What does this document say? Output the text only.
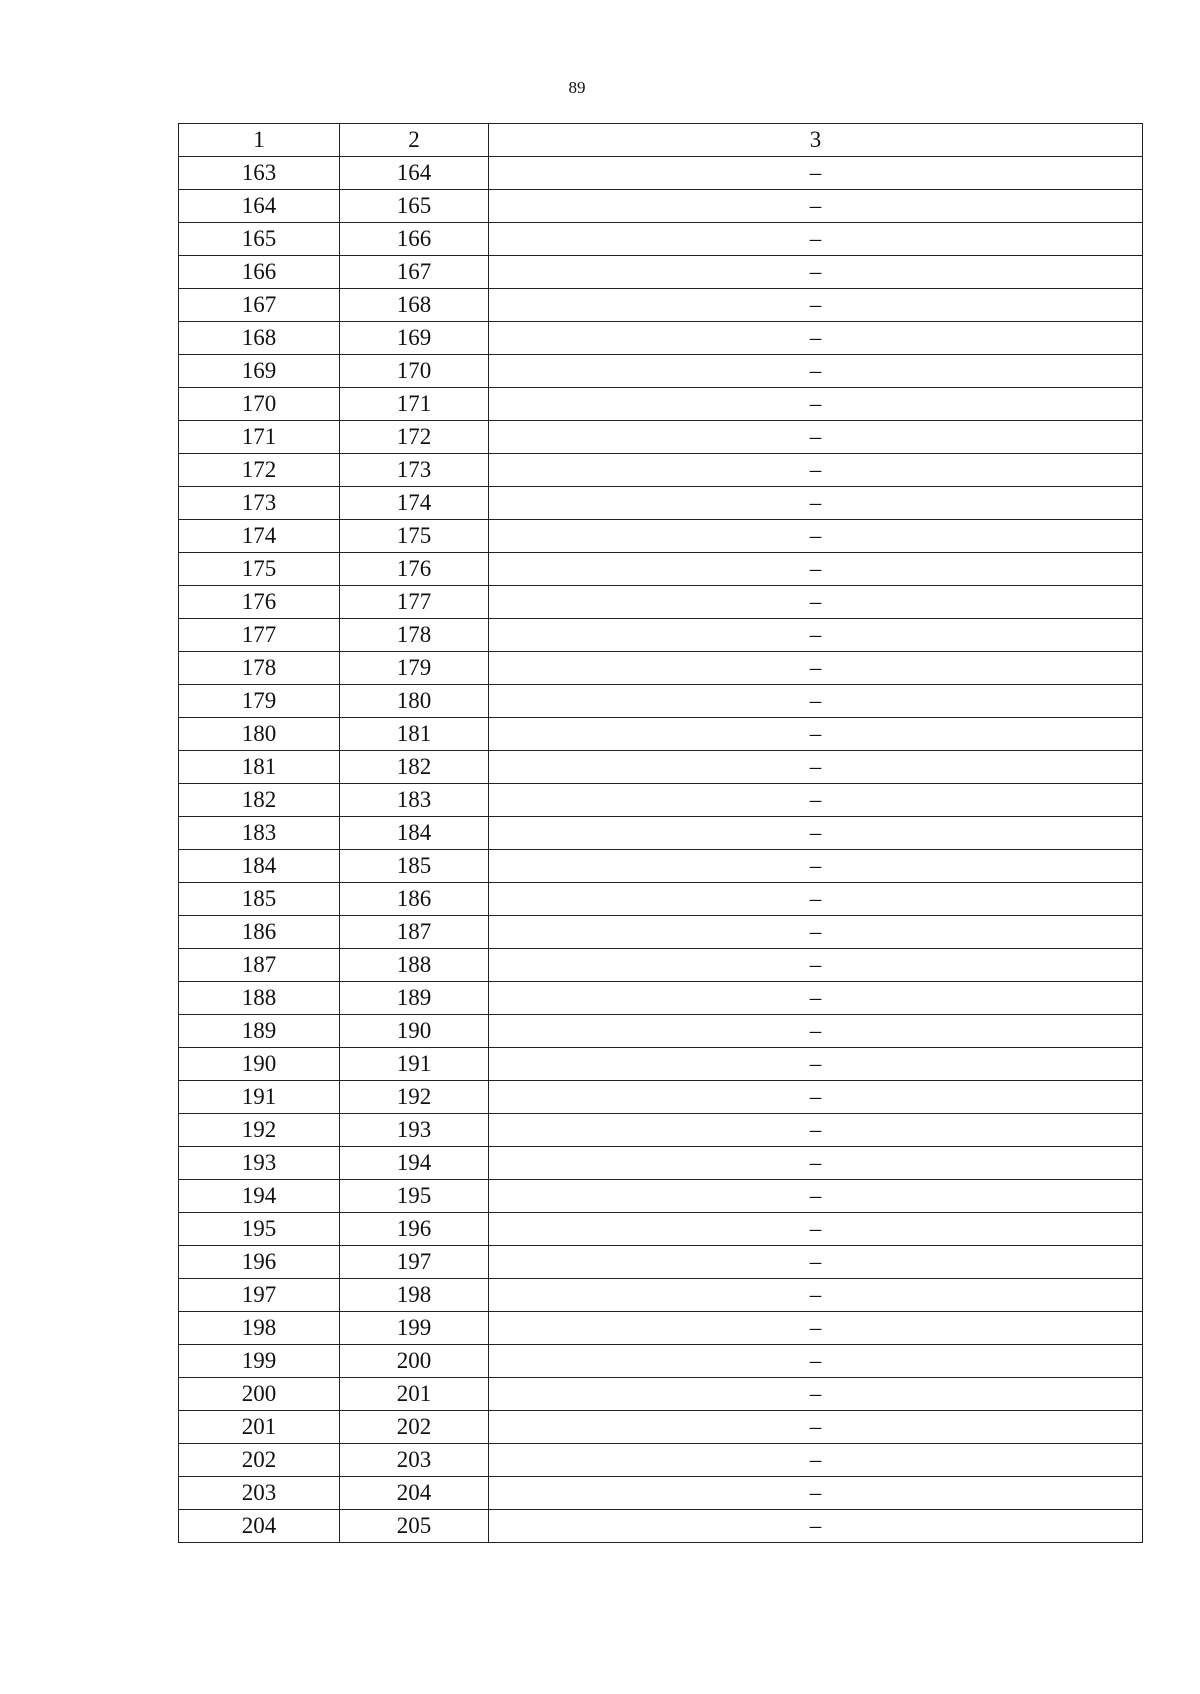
89
1	2	3
163	164	–
164	165	–
165	166	–
166	167	–
167	168	–
168	169	–
169	170	–
170	171	–
171	172	–
172	173	–
173	174	–
174	175	–
175	176	–
176	177	–
177	178	–
178	179	–
179	180	–
180	181	–
181	182	–
182	183	–
183	184	–
184	185	–
185	186	–
186	187	–
187	188	–
188	189	–
189	190	–
190	191	–
191	192	–
192	193	–
193	194	–
194	195	–
195	196	–
196	197	–
197	198	–
198	199	–
199	200	–
200	201	–
201	202	–
202	203	–
203	204	–
204	205	–
